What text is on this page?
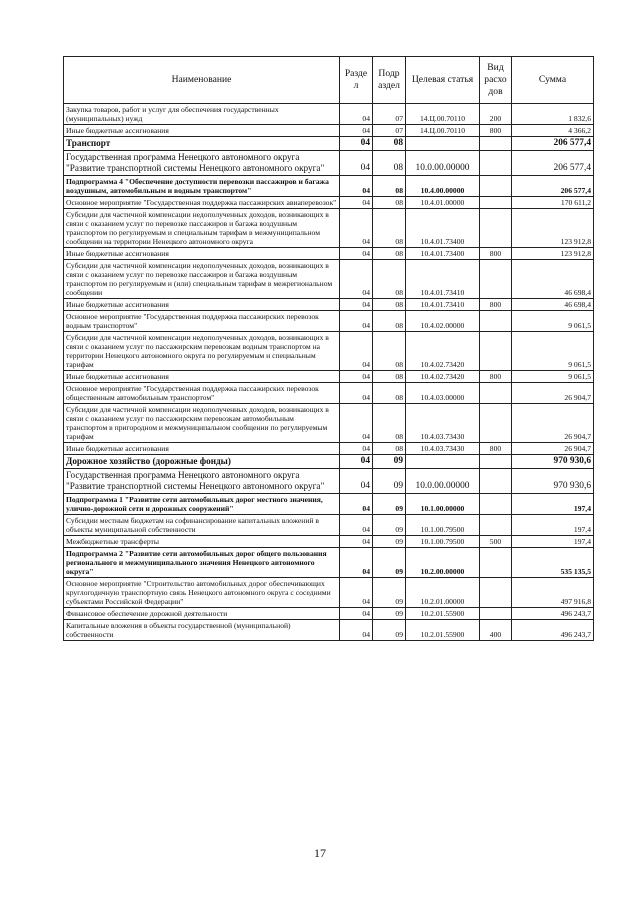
Наименование	Разде л	Подр аздел	Целевая статья	Вид расхо дов	Сумма
Закупка товаров, работ и услуг для обеспечения государственных (муниципальных) нужд	04	07	14.Ц.00.70110	200	1 832,6
Иные бюджетные ассигнования	04	07	14.Ц.00.70110	800	4 366,2
Транспорт	04	08			206 577,4
Государственная программа Ненецкого автономного округа "Развитие транспортной системы Ненецкого автономного округа"	04	08	10.0.00.00000		206 577,4
Подпрограмма 4 "Обеспечение доступности перевозки пассажиров и багажа воздушным, автомобильным и водным транспортом"	04	08	10.4.00.00000		206 577,4
Основное мероприятие "Государственная поддержка пассажирских авиаперевозок"	04	08	10.4.01.00000		170 611,2
Субсидии для частичной компенсации недополученных доходов, возникающих в связи с оказанием услуг по перевозке пассажиров и багажа воздушным транспортом по регулируемым и специальным тарифам в межмуниципальном сообщении на территории Ненецкого автономного округа	04	08	10.4.01.73400		123 912,8
Иные бюджетные ассигнования	04	08	10.4.01.73400	800	123 912,8
Субсидии для частичной компенсации недополученных доходов, возникающих в связи с оказанием услуг по перевозке пассажиров и багажа воздушным транспортом по регулируемым и (или) специальным тарифам в межрегиональном сообщении	04	08	10.4.01.73410		46 698,4
Иные бюджетные ассигнования	04	08	10.4.01.73410	800	46 698,4
Основное мероприятие "Государственная поддержка пассажирских перевозок водным транспортом"	04	08	10.4.02.00000		9 061,5
Субсидии для частичной компенсации недополученных доходов, возникающих в связи с оказанием услуг по пассажирским перевозкам водным транспортом на территории Ненецкого автономного округа по регулируемым и специальным тарифам	04	08	10.4.02.73420		9 061,5
Иные бюджетные ассигнования	04	08	10.4.02.73420	800	9 061,5
Основное мероприятие "Государственная поддержка пассажирских перевозок общественным автомобильным транспортом"	04	08	10.4.03.00000		26 904,7
Субсидии для частичной компенсации недополученных доходов, возникающих в связи с оказанием услуг по пассажирским перевозкам автомобильным транспортом в пригородном и межмуниципальном сообщении по регулируемым тарифам	04	08	10.4.03.73430		26 904,7
Иные бюджетные ассигнования	04	08	10.4.03.73430	800	26 904,7
Дорожное хозяйство (дорожные фонды)	04	09			970 930,6
Государственная программа Ненецкого автономного округа "Развитие транспортной системы Ненецкого автономного округа"	04	09	10.0.00.00000		970 930,6
Подпрограмма 1 "Развитие сети автомобильных дорог местного значения, улично-дорожной сети и дорожных сооружений"	04	09	10.1.00.00000		197,4
Субсидии местным бюджетам на софинансирование капитальных вложений в объекты муниципальной собственности	04	09	10.1.00.79500		197,4
Межбюджетные трансферты	04	09	10.1.00.79500	500	197,4
Подпрограмма 2 "Развитие сети автомобильных дорог общего пользования регионального и межмуниципального значения Ненецкого автономного округа"	04	09	10.2.00.00000		535 135,5
Основное мероприятие "Строительство автомобильных дорог обеспечивающих круглогодичную транспортную связь Ненецкого автономного округа с соседними субъектами Российской Федерации"	04	09	10.2.01.00000		497 916,8
Финансовое обеспечение дорожной деятельности	04	09	10.2.01.55900		496 243,7
Капитальные вложения в объекты государственной (муниципальной) собственности	04	09	10.2.01.55900	400	496 243,7
17
